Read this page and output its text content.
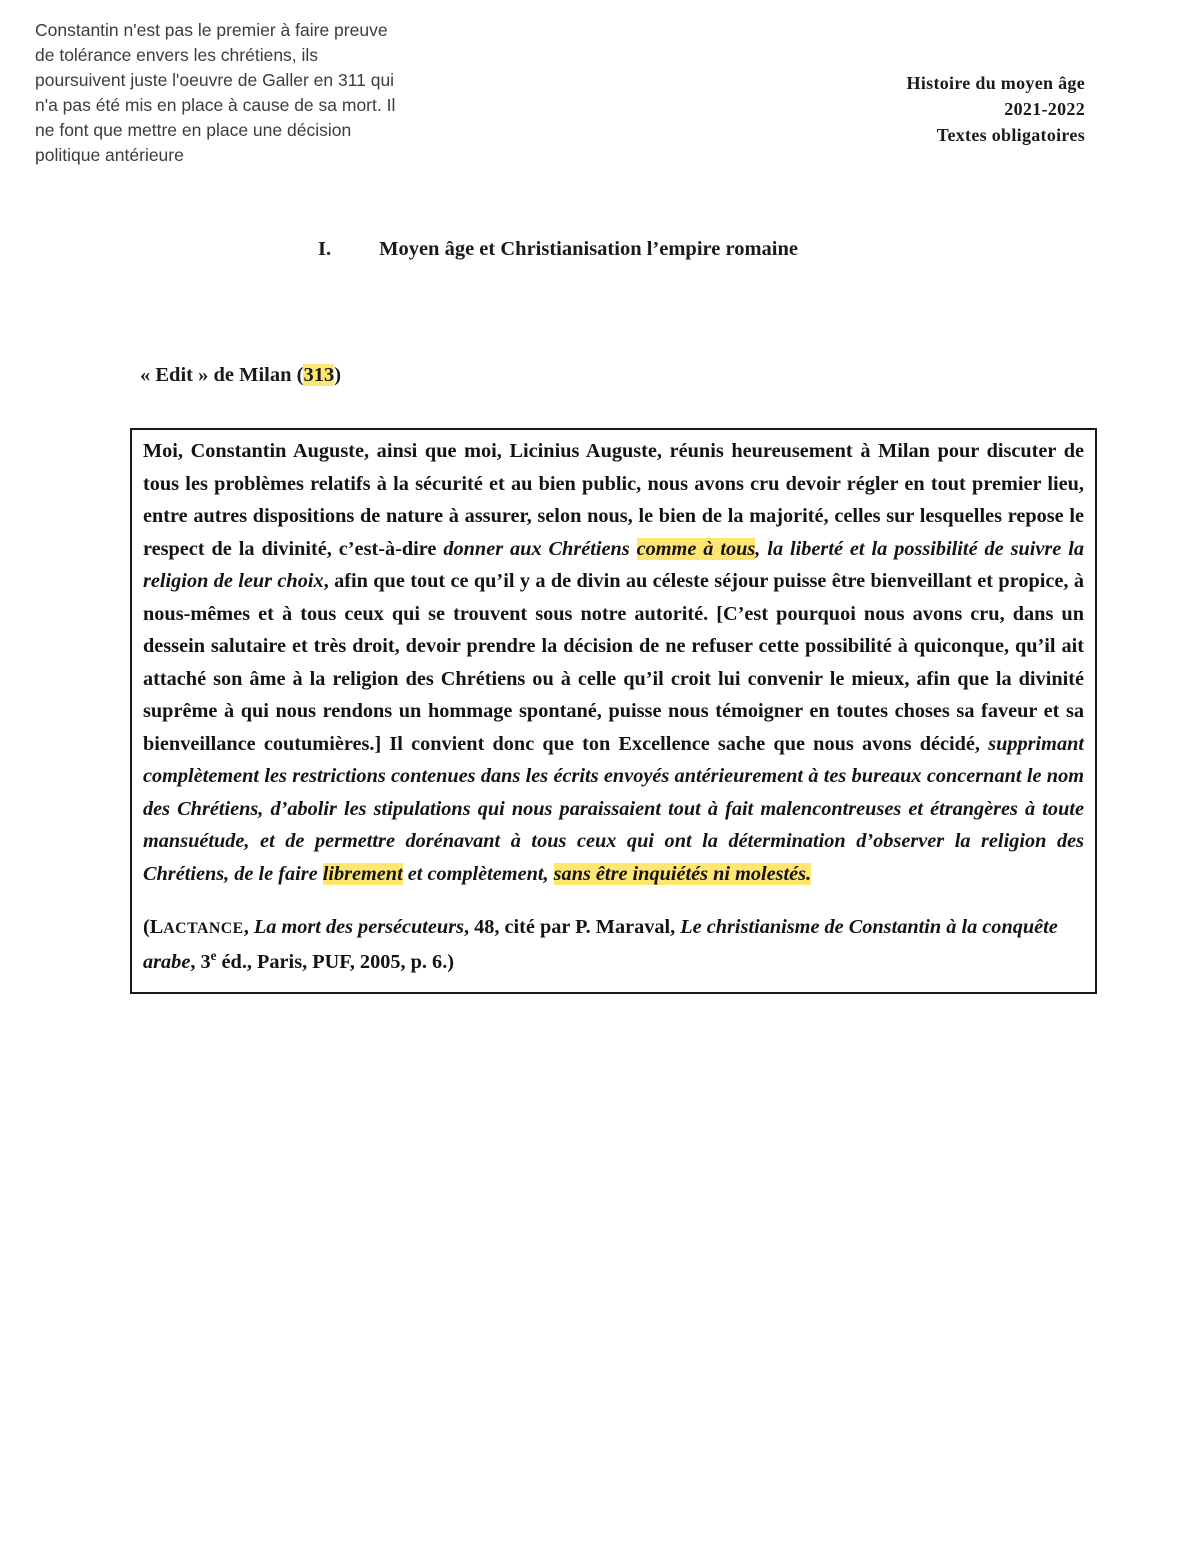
Constantin n'est pas le premier à faire preuve de tolérance envers les chrétiens, ils poursuivent juste l'oeuvre de Galler en 311 qui n'a pas été mis en place à cause de sa mort. Il ne font que mettre en place une décision politique antérieure
Histoire du moyen âge
2021-2022
Textes obligatoires
I. Moyen âge et Christianisation l’empire romaine
« Edit » de Milan (313)

Moi, Constantin Auguste, ainsi que moi, Licinius Auguste, réunis heureusement à Milan pour discuter de tous les problèmes relatifs à la sécurité et au bien public, nous avons cru devoir régler en tout premier lieu, entre autres dispositions de nature à assurer, selon nous, le bien de la majorité, celles sur lesquelles repose le respect de la divinité, c’est-à-dire donner aux Chrétiens comme à tous, la liberté et la possibilité de suivre la religion de leur choix, afin que tout ce qu’il y a de divin au céleste séjour puisse être bienveillant et propice, à nous-mêmes et à tous ceux qui se trouvent sous notre autorité. [C’est pourquoi nous avons cru, dans un dessein salutaire et très droit, devoir prendre la décision de ne refuser cette possibilité à quiconque, qu’il ait attaché son âme à la religion des Chrétiens ou à celle qu’il croit lui convenir le mieux, afin que la divinité suprême à qui nous rendons un hommage spontané, puisse nous témoigner en toutes choses sa faveur et sa bienveillance coutumières.] Il convient donc que ton Excellence sache que nous avons décidé, supprimant complètement les restrictions contenues dans les écrits envoyés antérieurement à tes bureaux concernant le nom des Chrétiens, d’abolir les stipulations qui nous paraissaient tout à fait malencontreuses et étrangères à toute mansuétude, et de permettre dorénavant à tous ceux qui ont la détermination d’observer la religion des Chrétiens, de le faire librement et complètement, sans être inquiétés ni molestés.

(LACTANCE, La mort des persécuteurs, 48, cité par P. Maraval, Le christianisme de Constantin à la conquête arabe, 3e éd., Paris, PUF, 2005, p. 6.)
